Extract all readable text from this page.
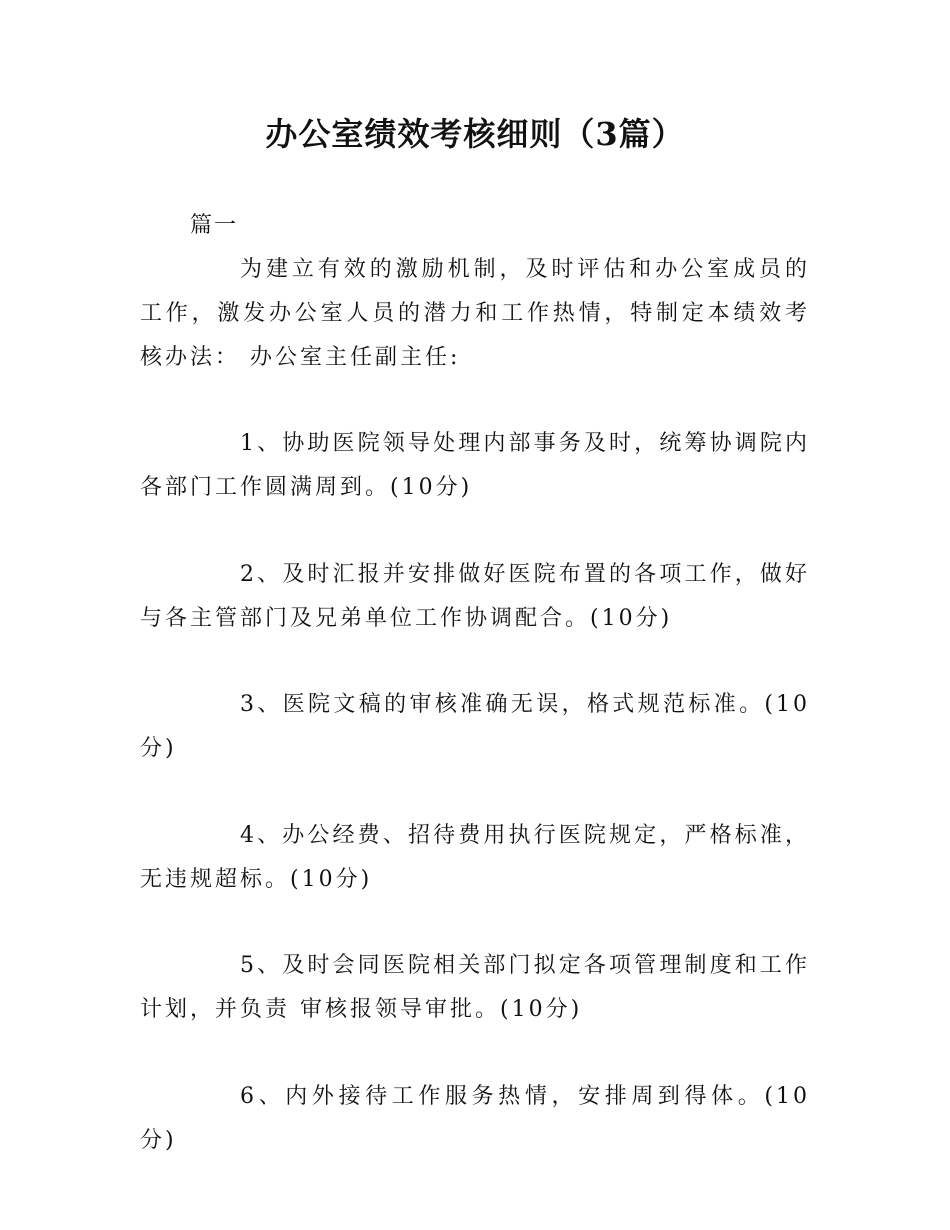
办公室绩效考核细则（3篇）
篇一
为建立有效的激励机制，及时评估和办公室成员的工作，激发办公室人员的潜力和工作热情，特制定本绩效考核办法： 办公室主任副主任:
1、协助医院领导处理内部事务及时，统筹协调院内各部门工作圆满周到。(10分)
2、及时汇报并安排做好医院布置的各项工作，做好与各主管部门及兄弟单位工作协调配合。(10分)
3、医院文稿的审核准确无误，格式规范标准。(10分)
4、办公经费、招待费用执行医院规定，严格标准，无违规超标。(10分)
5、及时会同医院相关部门拟定各项管理制度和工作计划，并负责 审核报领导审批。(10分)
6、内外接待工作服务热情，安排周到得体。(10分)
